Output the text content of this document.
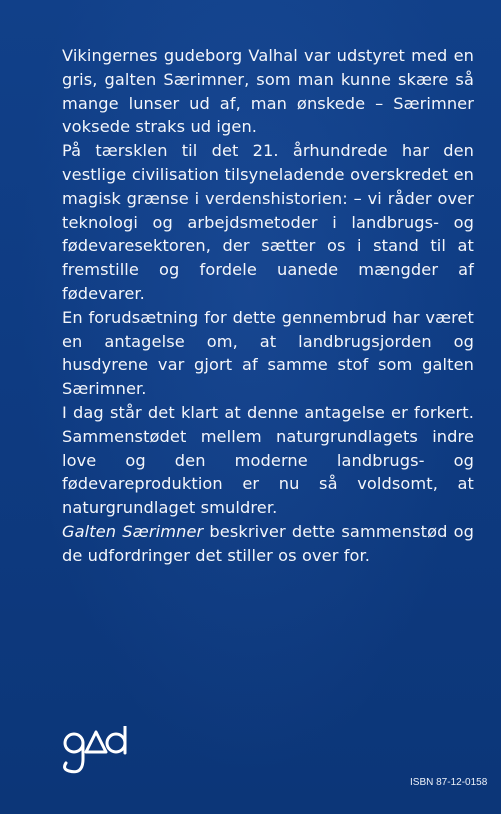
Vikingernes gudeborg Valhal var udstyret med en gris, galten Særimner, som man kunne skære så mange lunser ud af, man ønskede – Særimner voksede straks ud igen.

På tærsklen til det 21. århundrede har den vestlige civilisation tilsyneladende overskredet en magisk grænse i verdenshistorien: – vi råder over teknologi og arbejdsmetoder i landbrugs- og fødevaresektoren, der sætter os i stand til at fremstille og fordele uanede mængder af fødevarer.

En forudsætning for dette gennembrud har været en antagelse om, at landbrugsjorden og husdyrene var gjort af samme stof som galten Særimner.

I dag står det klart at denne antagelse er forkert. Sammenstødet mellem naturgrundlagets indre love og den moderne landbrugs- og fødevareproduktion er nu så voldsomt, at naturgrundlaget smuldrer.

Galten Særimner beskriver dette sammenstød og de udfordringer det stiller os over for.

ISBN 87-12-0158
